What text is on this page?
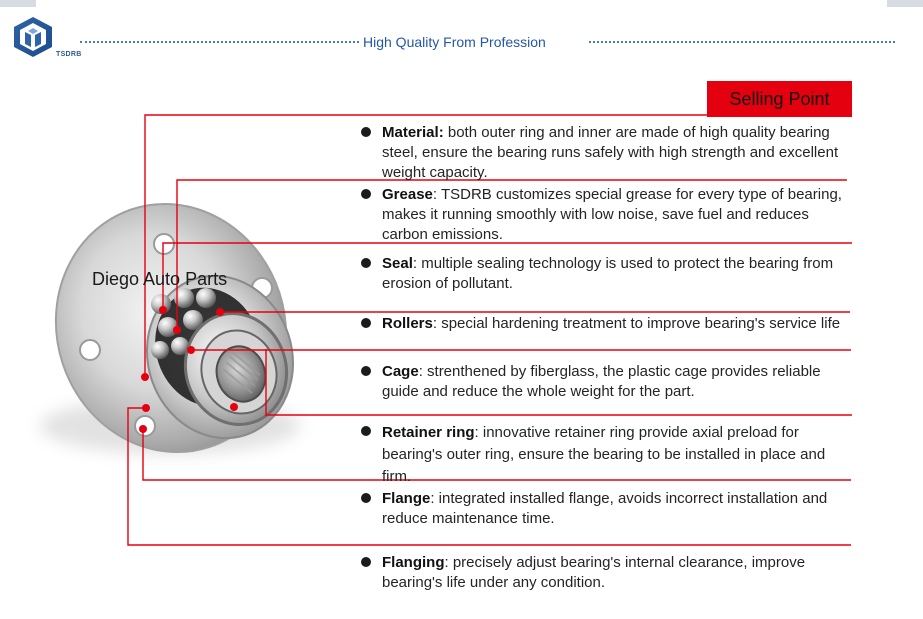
TSDRB
High Quality From Profession
Selling Point
Diego Auto Parts
Material: both outer ring and inner are made of high quality bearing steel, ensure the bearing runs safely with high strength and excellent weight capacity.
Grease: TSDRB customizes special grease for every type of bearing, makes it running smoothly with low noise, save fuel and reduces carbon emissions.
Seal: multiple sealing technology is used to protect the bearing from erosion of pollutant.
Rollers: special hardening treatment to improve bearing's service life
Cage: strenthened by fiberglass, the plastic cage provides reliable guide and reduce the whole weight for the part.
Retainer ring: innovative retainer ring provide axial preload for bearing's outer ring, ensure the bearing to be installed in place and firm.
Flange: integrated installed flange, avoids incorrect installation and reduce maintenance time.
Flanging: precisely adjust bearing's internal clearance, improve bearing's life under any condition.
